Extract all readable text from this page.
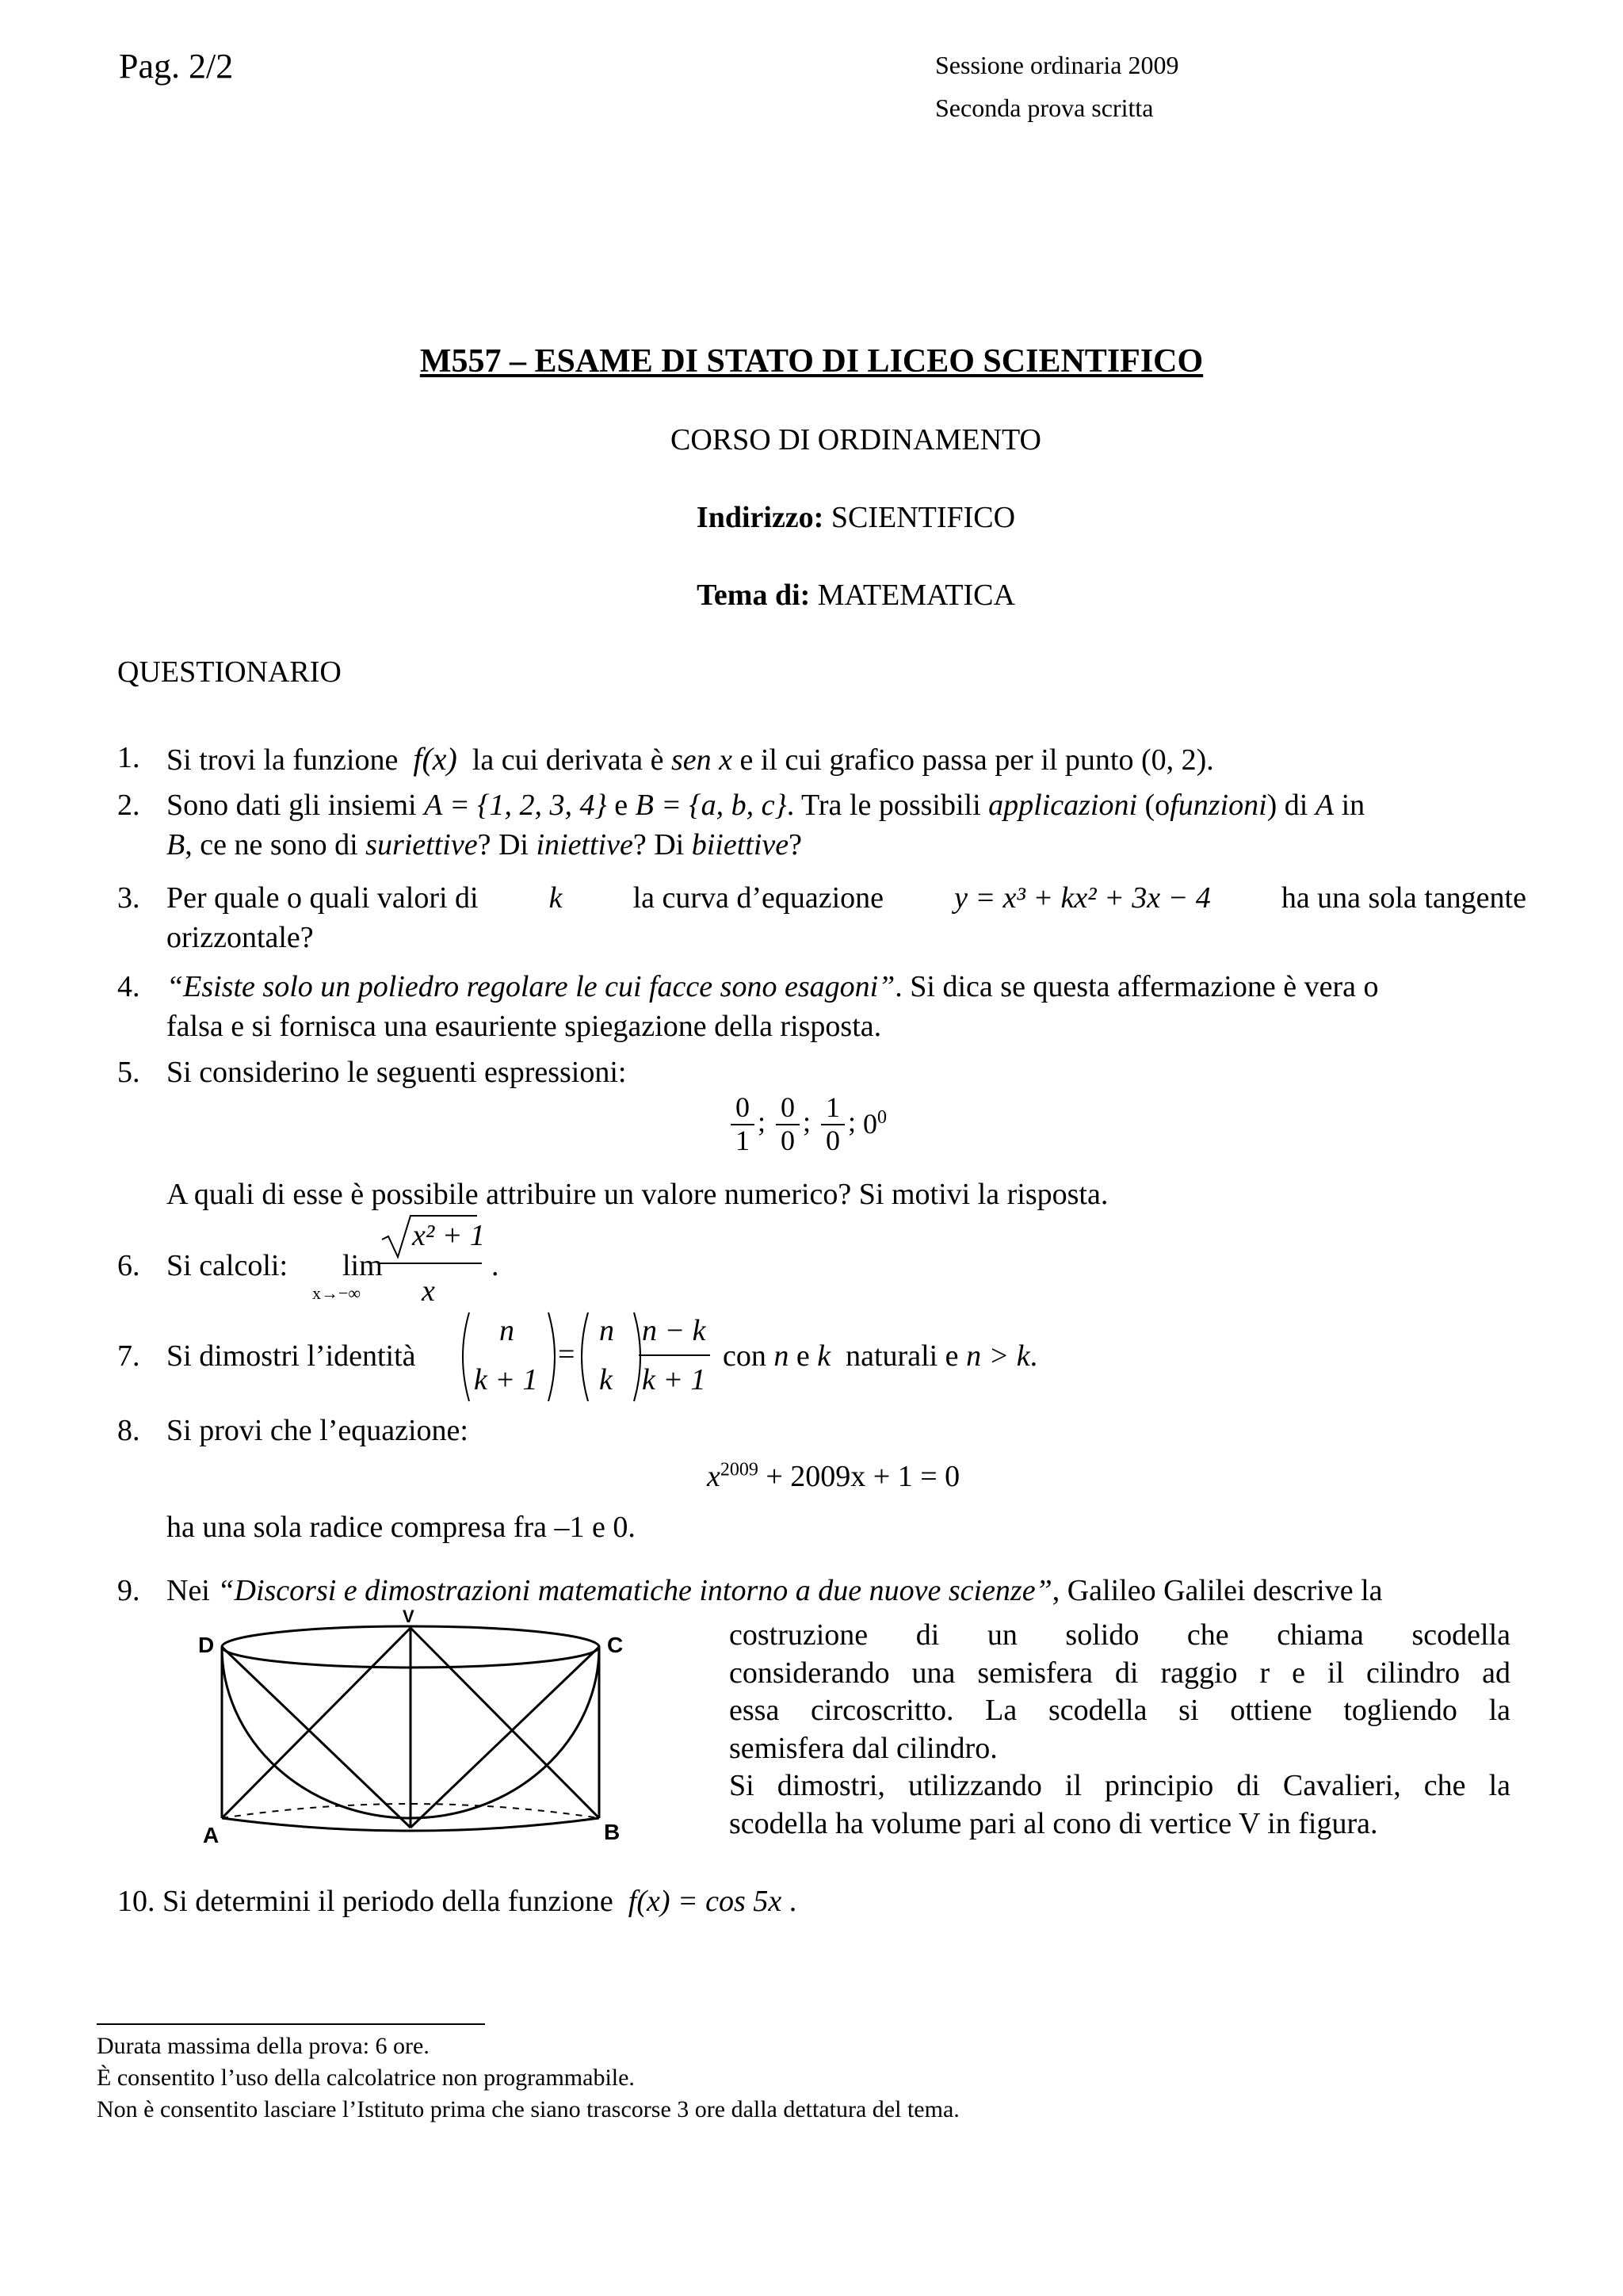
Pag. 2/2	Sessione ordinaria 2009
Seconda prova scritta
M557 – ESAME DI STATO DI LICEO SCIENTIFICO
CORSO DI ORDINAMENTO
Indirizzo: SCIENTIFICO
Tema di: MATEMATICA
QUESTIONARIO
1. Si trovi la funzione f(x) la cui derivata è sen x e il cui grafico passa per il punto (0, 2).
2. Sono dati gli insiemi A = {1, 2, 3, 4} e B = {a, b, c}. Tra le possibili applicazioni (ofunzioni) di A in
B, ce ne sono di suriettive? Di iniettive? Di biiettive?
3. Per quale o quali valori di k la curva d’equazione y = x³ + kx² + 3x − 4 ha una sola tangente
orizzontale?
4. “Esiste solo un poliedro regolare le cui facce sono esagoni”. Si dica se questa affermazione è vera o
falsa e si fornisca una esauriente spiegazione della risposta.
5. Si considerino le seguenti espressioni:
$\frac{0}{1}$ ; $\frac{0}{0}$ ; $\frac{1}{0}$ ; $0^0$
A quali di esse è possibile attribuire un valore numerico? Si motivi la risposta.
6. Si calcoli:	lim
x→−∞
x² + 1
x
.
7. Si dimostri l’identità
n
k + 1
=
n
k
n − k
k + 1
con n e k naturali e n > k.
8. Si provi che l’equazione:
$x^{2009} + 2009x + 1 = 0$
ha una sola radice compresa fra –1 e 0.
9. Nei “Discorsi e dimostrazioni matematiche intorno a due nuove scienze”, Galileo Galilei descrive la
D
V
C
A	B
costruzione di un solido che chiama scodella
considerando una semisfera di raggio r e il cilindro ad
essa circoscritto. La scodella si ottiene togliendo la
semisfera dal cilindro.
Si dimostri, utilizzando il principio di Cavalieri, che la
scodella ha volume pari al cono di vertice V in figura.
10. Si determini il periodo della funzione f(x) = cos 5x .
Durata massima della prova: 6 ore.
È consentito l’uso della calcolatrice non programmabile.
Non è consentito lasciare l’Istituto prima che siano trascorse 3 ore dalla dettatura del tema.
